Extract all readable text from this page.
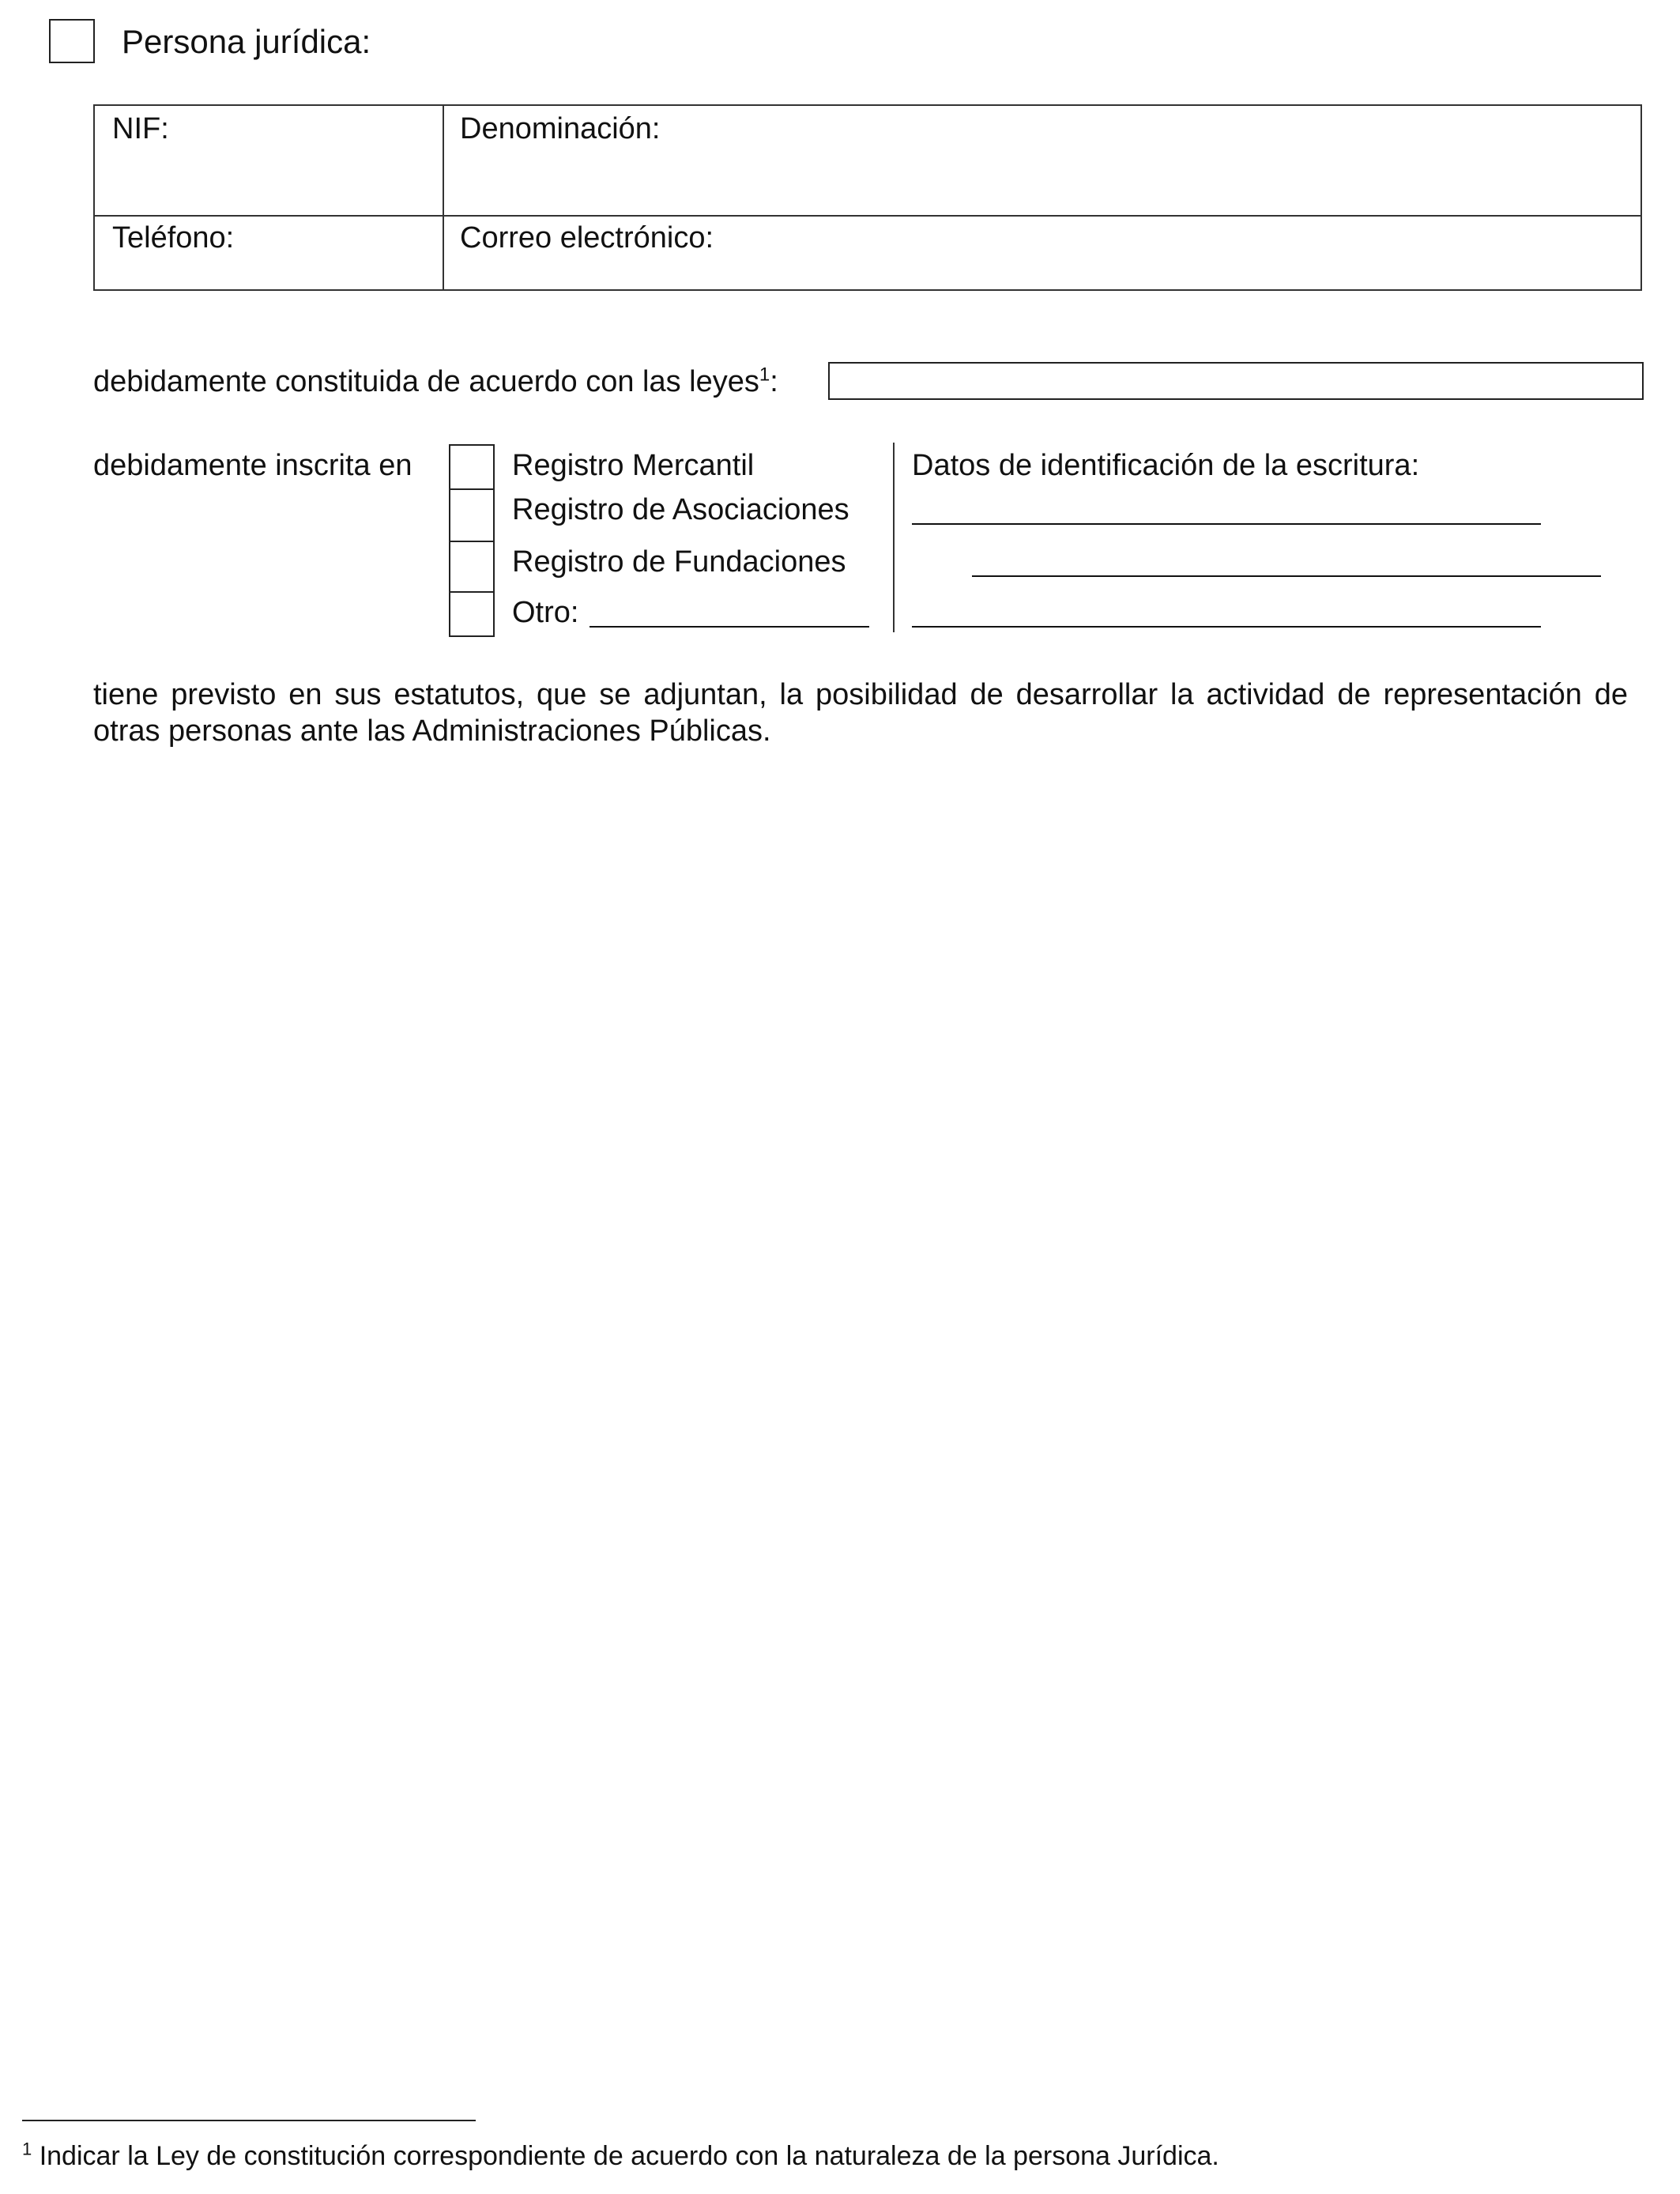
Persona jurídica:
NIF:	Denominación:
Teléfono:	Correo electrónico:
debidamente constituida de acuerdo con las leyes$^1$:
debidamente inscrita en	Registro Mercantil
Registro de Asociaciones
Registro de Fundaciones
Otro:
Datos de identificación de la escritura:
tiene previsto en sus estatutos, que se adjuntan, la posibilidad de desarrollar la actividad de representación de otras personas ante las Administraciones Públicas.
$^1$ Indicar la Ley de constitución correspondiente de acuerdo con la naturaleza de la persona Jurídica.
